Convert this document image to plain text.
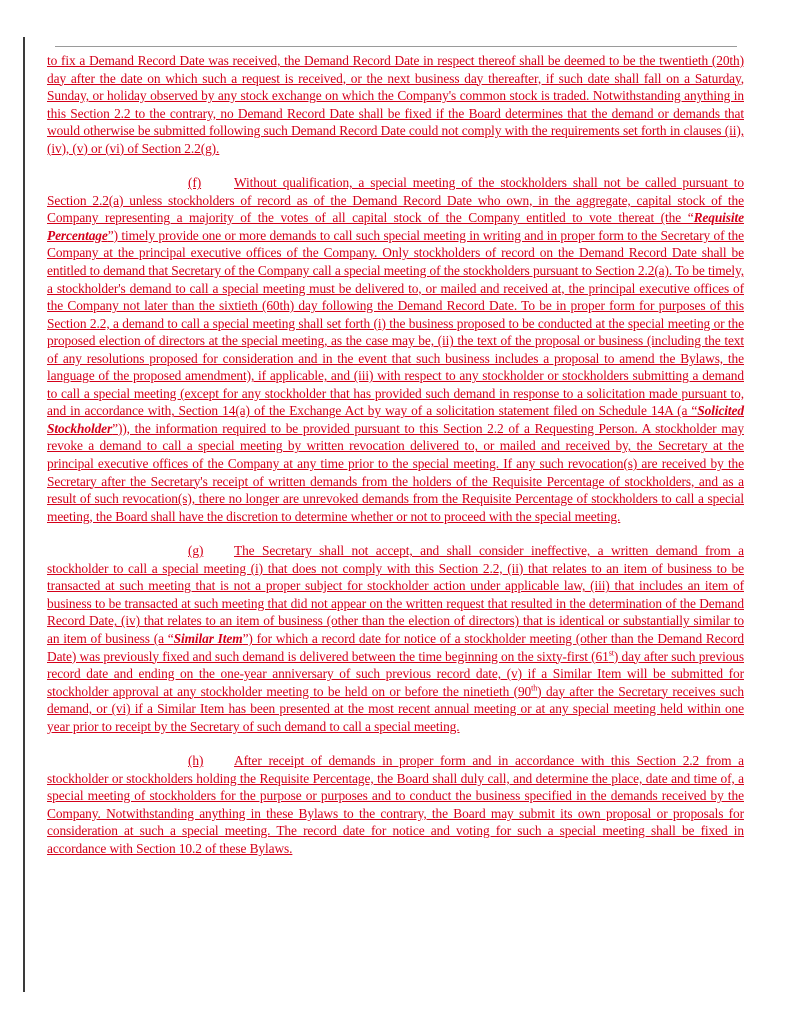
to fix a Demand Record Date was received, the Demand Record Date in respect thereof shall be deemed to be the twentieth (20th) day after the date on which such a request is received, or the next business day thereafter, if such date shall fall on a Saturday, Sunday, or holiday observed by any stock exchange on which the Company's common stock is traded. Notwithstanding anything in this Section 2.2 to the contrary, no Demand Record Date shall be fixed if the Board determines that the demand or demands that would otherwise be submitted following such Demand Record Date could not comply with the requirements set forth in clauses (ii), (iv), (v) or (vi) of Section 2.2(g).

(f) Without qualification, a special meeting of the stockholders shall not be called pursuant to Section 2.2(a) unless stockholders of record as of the Demand Record Date who own, in the aggregate, capital stock of the Company representing a majority of the votes of all capital stock of the Company entitled to vote thereat (the “Requisite Percentage”) timely provide one or more demands to call such special meeting in writing and in proper form to the Secretary of the Company at the principal executive offices of the Company. Only stockholders of record on the Demand Record Date shall be entitled to demand that Secretary of the Company call a special meeting of the stockholders pursuant to Section 2.2(a). To be timely, a stockholder's demand to call a special meeting must be delivered to, or mailed and received at, the principal executive offices of the Company not later than the sixtieth (60th) day following the Demand Record Date. To be in proper form for purposes of this Section 2.2, a demand to call a special meeting shall set forth (i) the business proposed to be conducted at the special meeting or the proposed election of directors at the special meeting, as the case may be, (ii) the text of the proposal or business (including the text of any resolutions proposed for consideration and in the event that such business includes a proposal to amend the Bylaws, the language of the proposed amendment), if applicable, and (iii) with respect to any stockholder or stockholders submitting a demand to call a special meeting (except for any stockholder that has provided such demand in response to a solicitation made pursuant to, and in accordance with, Section 14(a) of the Exchange Act by way of a solicitation statement filed on Schedule 14A (a “Solicited Stockholder”)), the information required to be provided pursuant to this Section 2.2 of a Requesting Person. A stockholder may revoke a demand to call a special meeting by written revocation delivered to, or mailed and received by, the Secretary at the principal executive offices of the Company at any time prior to the special meeting. If any such revocation(s) are received by the Secretary after the Secretary's receipt of written demands from the holders of the Requisite Percentage of stockholders, and as a result of such revocation(s), there no longer are unrevoked demands from the Requisite Percentage of stockholders to call a special meeting, the Board shall have the discretion to determine whether or not to proceed with the special meeting.

(g) The Secretary shall not accept, and shall consider ineffective, a written demand from a stockholder to call a special meeting (i) that does not comply with this Section 2.2, (ii) that relates to an item of business to be transacted at such meeting that is not a proper subject for stockholder action under applicable law, (iii) that includes an item of business to be transacted at such meeting that did not appear on the written request that resulted in the determination of the Demand Record Date, (iv) that relates to an item of business (other than the election of directors) that is identical or substantially similar to an item of business (a “Similar Item”) for which a record date for notice of a stockholder meeting (other than the Demand Record Date) was previously fixed and such demand is delivered between the time beginning on the sixty-first (61st) day after such previous record date and ending on the one-year anniversary of such previous record date, (v) if a Similar Item will be submitted for stockholder approval at any stockholder meeting to be held on or before the ninetieth (90th) day after the Secretary receives such demand, or (vi) if a Similar Item has been presented at the most recent annual meeting or at any special meeting held within one year prior to receipt by the Secretary of such demand to call a special meeting.

(h) After receipt of demands in proper form and in accordance with this Section 2.2 from a stockholder or stockholders holding the Requisite Percentage, the Board shall duly call, and determine the place, date and time of, a special meeting of stockholders for the purpose or purposes and to conduct the business specified in the demands received by the Company. Notwithstanding anything in these Bylaws to the contrary, the Board may submit its own proposal or proposals for consideration at such a special meeting. The record date for notice and voting for such a special meeting shall be fixed in accordance with Section 10.2 of these Bylaws.
